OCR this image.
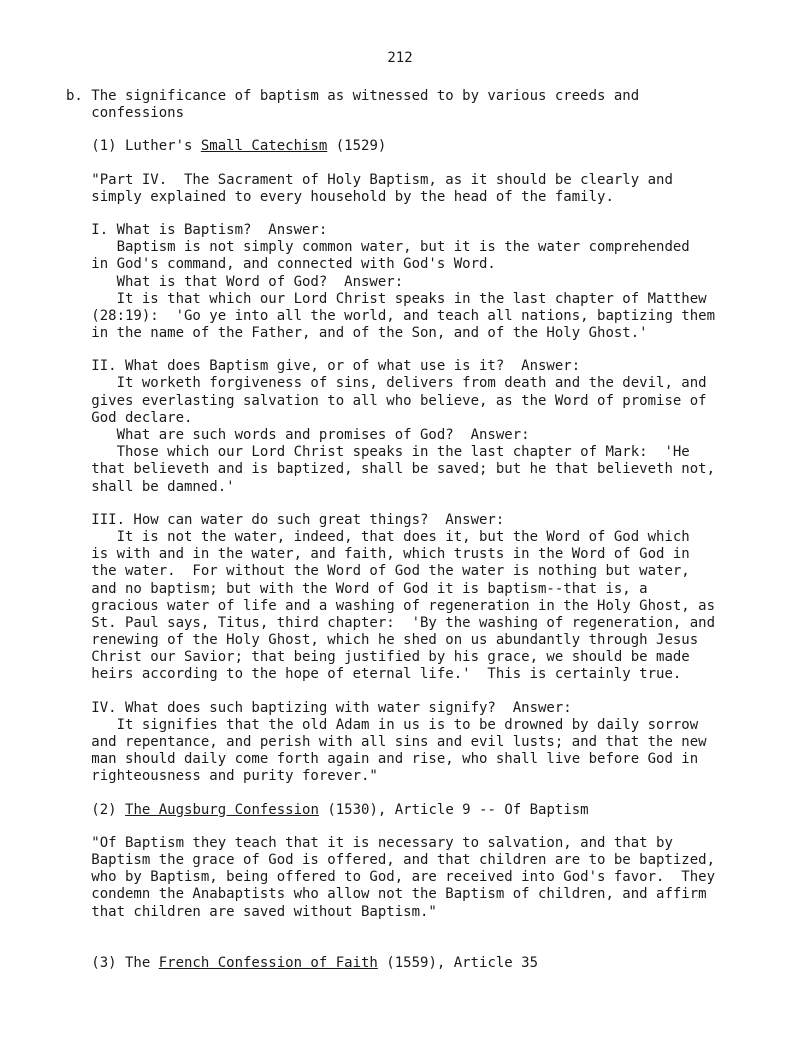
212
b. The significance of baptism as witnessed to by various creeds and
confessions
(1) Luther's Small Catechism (1529)
"Part IV.  The Sacrament of Holy Baptism, as it should be clearly and
simply explained to every household by the head of the family.
I. What is Baptism?  Answer:
Baptism is not simply common water, but it is the water comprehended
in God's command, and connected with God's Word.
What is that Word of God?  Answer:
It is that which our Lord Christ speaks in the last chapter of Matthew
(28:19):  'Go ye into all the world, and teach all nations, baptizing them
in the name of the Father, and of the Son, and of the Holy Ghost.'
II. What does Baptism give, or of what use is it?  Answer:
It worketh forgiveness of sins, delivers from death and the devil, and
gives everlasting salvation to all who believe, as the Word of promise of
God declare.
What are such words and promises of God?  Answer:
Those which our Lord Christ speaks in the last chapter of Mark:  'He
that believeth and is baptized, shall be saved; but he that believeth not,
shall be damned.'
III. How can water do such great things?  Answer:
It is not the water, indeed, that does it, but the Word of God which
is with and in the water, and faith, which trusts in the Word of God in
the water.  For without the Word of God the water is nothing but water,
and no baptism; but with the Word of God it is baptism--that is, a
gracious water of life and a washing of regeneration in the Holy Ghost, as
St. Paul says, Titus, third chapter:  'By the washing of regeneration, and
renewing of the Holy Ghost, which he shed on us abundantly through Jesus
Christ our Savior; that being justified by his grace, we should be made
heirs according to the hope of eternal life.'  This is certainly true.
IV. What does such baptizing with water signify?  Answer:
It signifies that the old Adam in us is to be drowned by daily sorrow
and repentance, and perish with all sins and evil lusts; and that the new
man should daily come forth again and rise, who shall live before God in
righteousness and purity forever."
(2) The Augsburg Confession (1530), Article 9 -- Of Baptism
"Of Baptism they teach that it is necessary to salvation, and that by
Baptism the grace of God is offered, and that children are to be baptized,
who by Baptism, being offered to God, are received into God's favor.  They
condemn the Anabaptists who allow not the Baptism of children, and affirm
that children are saved without Baptism."
(3) The French Confession of Faith (1559), Article 35
